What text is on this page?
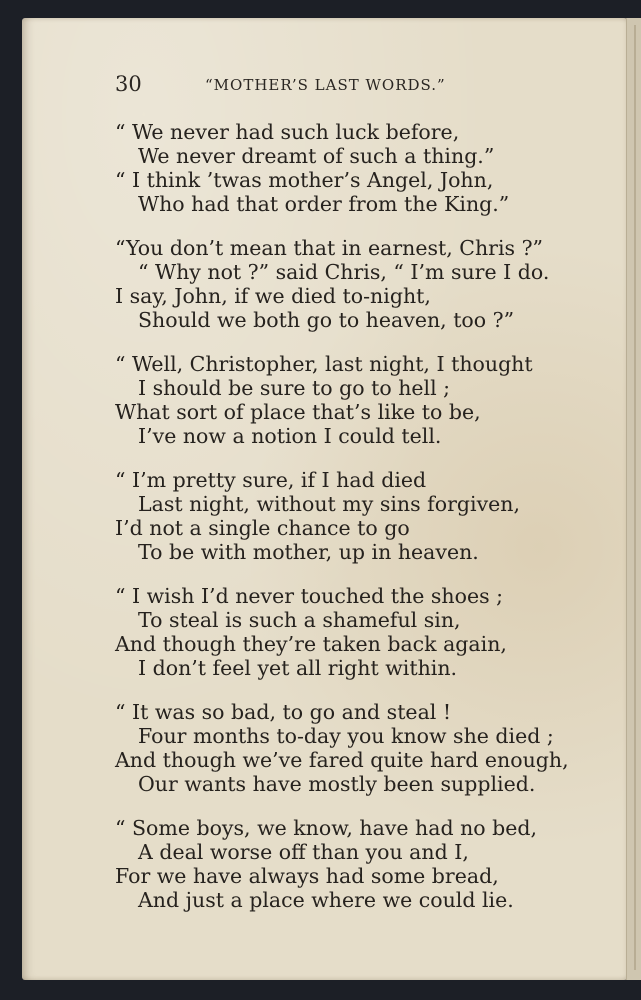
30	“MOTHER’S LAST WORDS.”
“ We never had such luck before,
We never dreamt of such a thing.”
“ I think ’twas mother’s Angel, John,
Who had that order from the King.”
“You don’t mean that in earnest, Chris ?”
“ Why not ?” said Chris, “ I’m sure I do.
I say, John, if we died to-night,
Should we both go to heaven, too ?”
“ Well, Christopher, last night, I thought
I should be sure to go to hell ;
What sort of place that’s like to be,
I’ve now a notion I could tell.
“ I’m pretty sure, if I had died
Last night, without my sins forgiven,
I’d not a single chance to go
To be with mother, up in heaven.
“ I wish I’d never touched the shoes ;
To steal is such a shameful sin,
And though they’re taken back again,
I don’t feel yet all right within.
“ It was so bad, to go and steal !
Four months to-day you know she died ;
And though we’ve fared quite hard enough,
Our wants have mostly been supplied.
“ Some boys, we know, have had no bed,
A deal worse off than you and I,
For we have always had some bread,
And just a place where we could lie.
